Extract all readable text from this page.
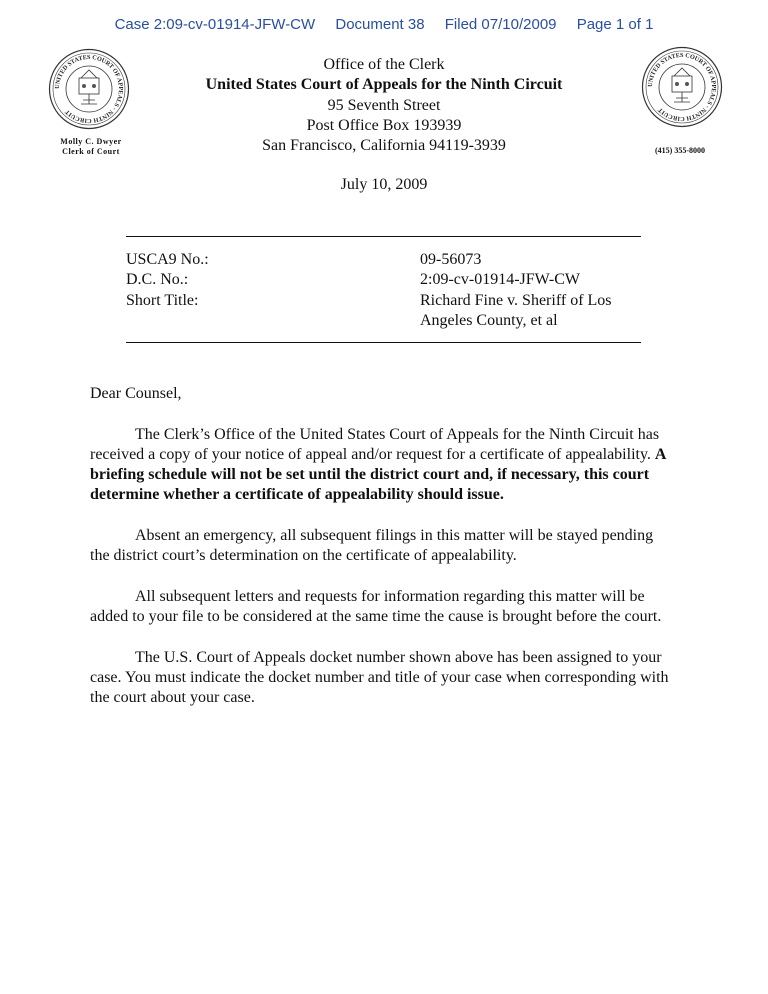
Case 2:09-cv-01914-JFW-CW Document 38 Filed 07/10/2009 Page 1 of 1
UNITED STATES COURT OF APPEALS · NINTH CIRCUIT
Molly C. Dwyer
Clerk of Court
UNITED STATES COURT OF APPEALS · NINTH CIRCUIT
(415) 355-8000
Office of the Clerk
United States Court of Appeals for the Ninth Circuit
95 Seventh Street
Post Office Box 193939
San Francisco, California 94119-3939
July 10, 2009
USCA9 No.:	09-56073
D.C. No.:	2:09-cv-01914-JFW-CW
Short Title:	Richard Fine v. Sheriff of Los
Angeles County, et al

Dear Counsel,

The Clerk’s Office of the United States Court of Appeals for the Ninth Circuit has received a copy of your notice of appeal and/or request for a certificate of appealability. A briefing schedule will not be set until the district court and, if necessary, this court determine whether a certificate of appealability should issue.

Absent an emergency, all subsequent filings in this matter will be stayed pending the district court’s determination on the certificate of appealability.

All subsequent letters and requests for information regarding this matter will be added to your file to be considered at the same time the cause is brought before the court.

The U.S. Court of Appeals docket number shown above has been assigned to your case. You must indicate the docket number and title of your case when corresponding with the court about your case.
